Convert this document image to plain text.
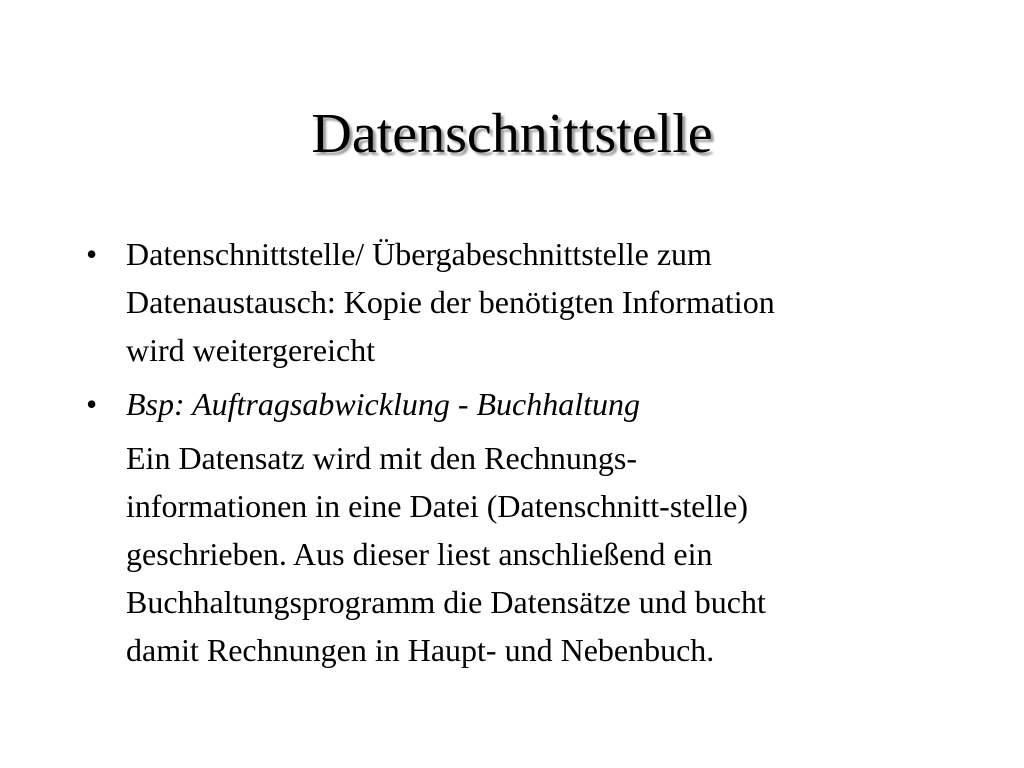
Datenschnittstelle
• Datenschnittstelle/ Übergabeschnittstelle zum
Datenaustausch: Kopie der benötigten Information
wird weitergereicht
• Bsp: Auftragsabwicklung - Buchhaltung
Ein Datensatz wird mit den Rechnungs-
informationen in eine Datei (Datenschnitt-stelle)
geschrieben. Aus dieser liest anschließend ein
Buchhaltungsprogramm die Datensätze und bucht
damit Rechnungen in Haupt- und Nebenbuch.
